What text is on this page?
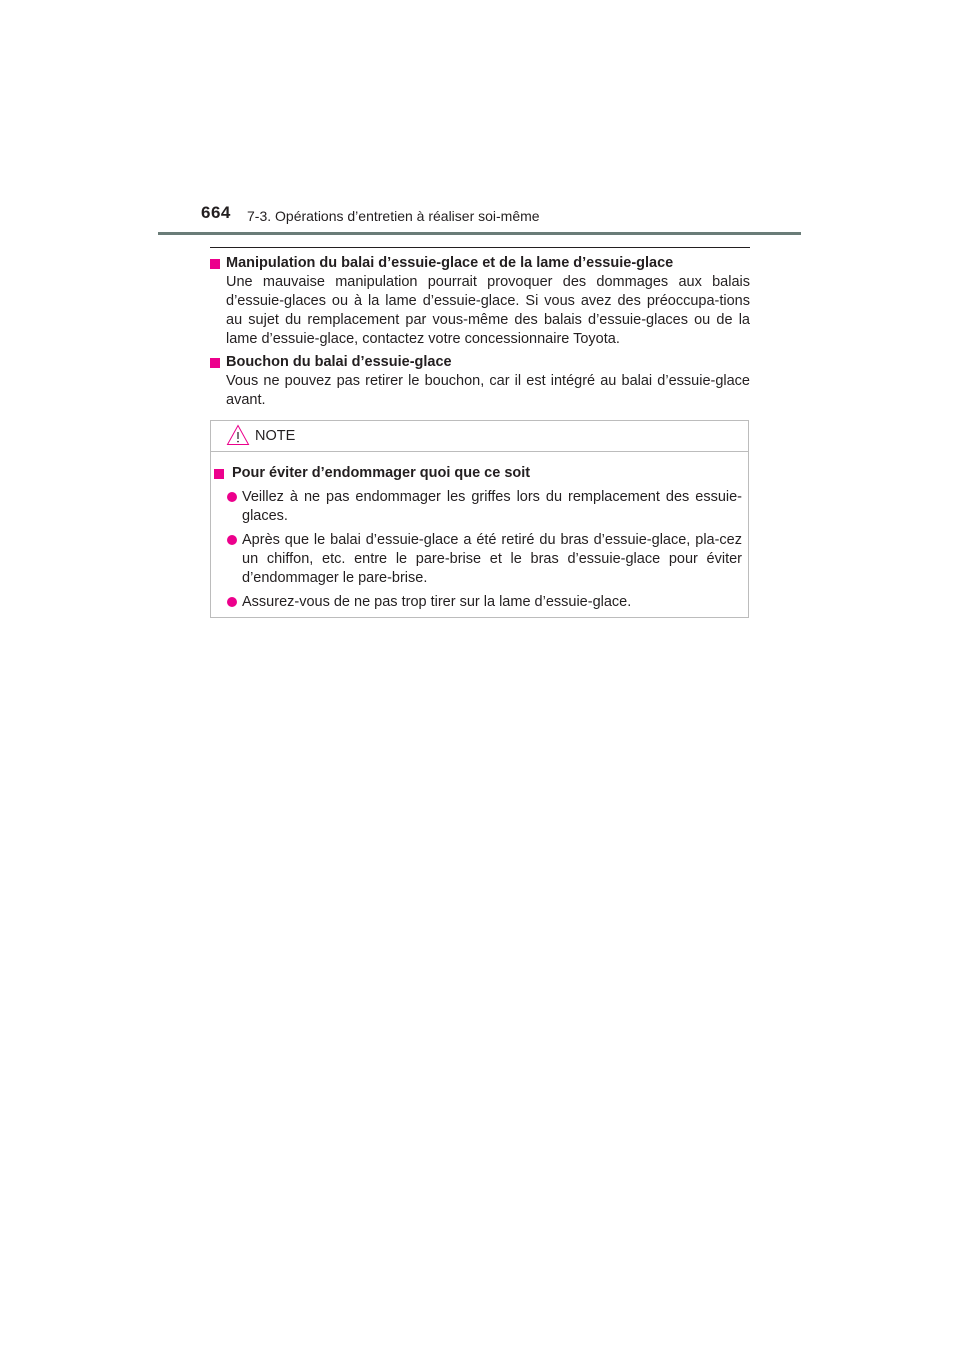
664 7-3. Opérations d’entretien à réaliser soi-même
Manipulation du balai d’essuie-glace et de la lame d’essuie-glace
Une mauvaise manipulation pourrait provoquer des dommages aux balais d’essuie-glaces ou à la lame d’essuie-glace. Si vous avez des préoccupa-tions au sujet du remplacement par vous-même des balais d’essuie-glaces ou de la lame d’essuie-glace, contactez votre concessionnaire Toyota.
Bouchon du balai d’essuie-glace
Vous ne pouvez pas retirer le bouchon, car il est intégré au balai d’essuie-glace avant.
NOTE
Pour éviter d’endommager quoi que ce soit
Veillez à ne pas endommager les griffes lors du remplacement des essuie-glaces.
Après que le balai d’essuie-glace a été retiré du bras d’essuie-glace, pla-cez un chiffon, etc. entre le pare-brise et le bras d’essuie-glace pour éviter d’endommager le pare-brise.
Assurez-vous de ne pas trop tirer sur la lame d’essuie-glace.
